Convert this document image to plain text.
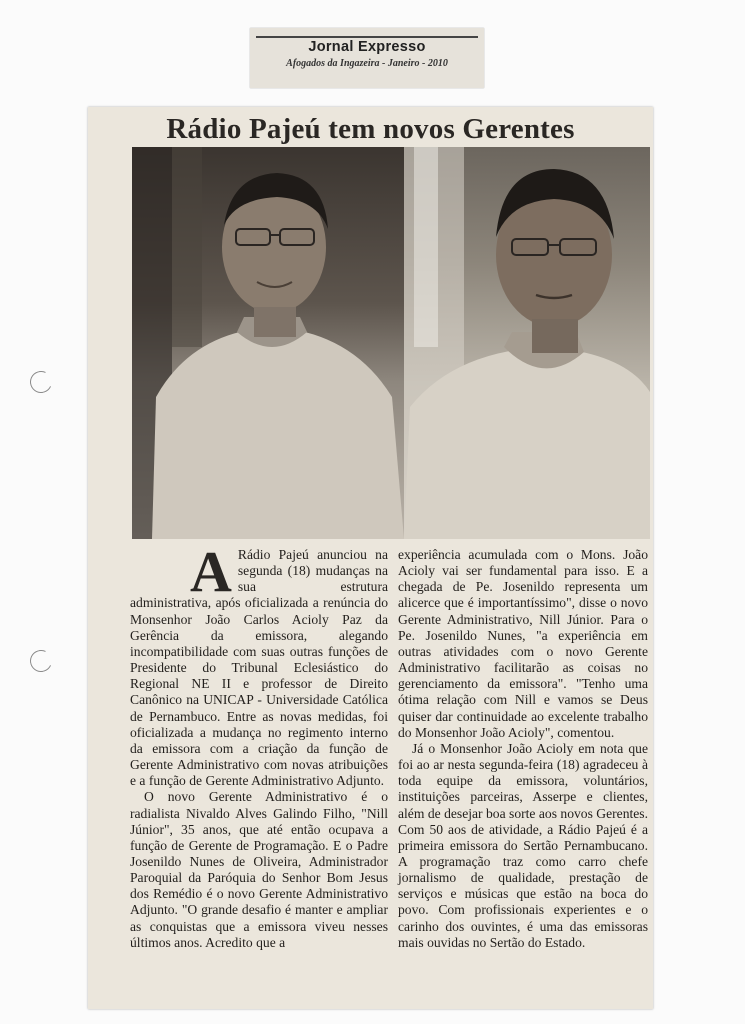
Jornal Expresso
Afogados da Ingazeira - Janeiro - 2010
Rádio Pajeú tem novos Gerentes
A Rádio Pajeú anunciou na segunda (18) mudanças na sua estrutura administrativa, após oficializada a renúncia do Monsenhor João Carlos Acioly Paz da Gerência da emissora, alegando incompatibilidade com suas outras funções de Presidente do Tribunal Eclesiástico do Regional NE II e professor de Direito Canônico na UNICAP - Universidade Católica de Pernambuco. Entre as novas medidas, foi oficializada a mudança no regimento interno da emissora com a criação da função de Gerente Administrativo com novas atribuições e a função de Gerente Administrativo Adjunto.

O novo Gerente Administrativo é o radialista Nivaldo Alves Galindo Filho, "Nill Júnior", 35 anos, que até então ocupava a função de Gerente de Programação. E o Padre Josenildo Nunes de Oliveira, Administrador Paroquial da Paróquia do Senhor Bom Jesus dos Remédio é o novo Gerente Administrativo Adjunto. "O grande desafio é manter e ampliar as conquistas que a emissora viveu nesses últimos anos. Acredito que a

experiência acumulada com o Mons. João Acioly vai ser fundamental para isso. E a chegada de Pe. Josenildo representa um alicerce que é importantíssimo", disse o novo Gerente Administrativo, Nill Júnior. Para o Pe. Josenildo Nunes, "a experiência em outras atividades com o novo Gerente Administrativo facilitarão as coisas no gerenciamento da emissora". "Tenho uma ótima relação com Nill e vamos se Deus quiser dar continuidade ao excelente trabalho do Monsenhor João Acioly", comentou.

Já o Monsenhor João Acioly em nota que foi ao ar nesta segunda-feira (18) agradeceu à toda equipe da emissora, voluntários, instituições parceiras, Asserpe e clientes, além de desejar boa sorte aos novos Gerentes. Com 50 aos de atividade, a Rádio Pajeú é a primeira emissora do Sertão Pernambucano. A programação traz como carro chefe jornalismo de qualidade, prestação de serviços e músicas que estão na boca do povo. Com profissionais experientes e o carinho dos ouvintes, é uma das emissoras mais ouvidas no Sertão do Estado.
